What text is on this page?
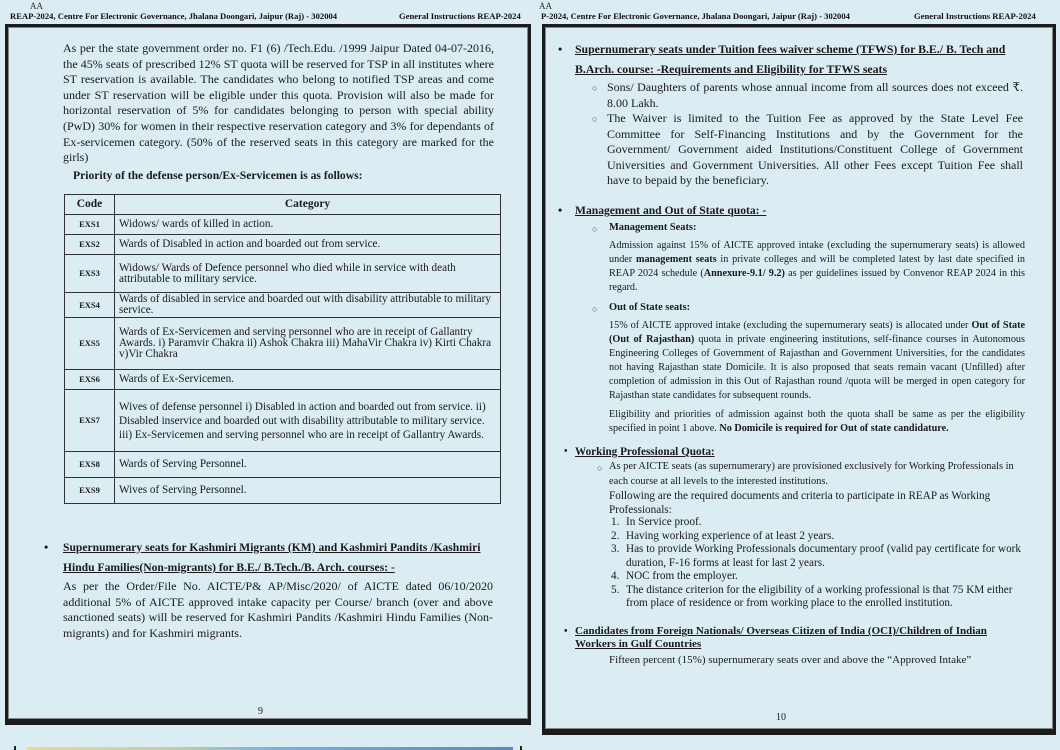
AA
REAP-2024, Centre For Electronic Governance, Jhalana Doongari, Jaipur (Raj) - 302004	General Instructions REAP-2024
As per the state government order no. F1 (6) /Tech.Edu. /1999 Jaipur Dated 04-07-2016, the 45% seats of prescribed 12% ST quota will be reserved for TSP in all institutes where ST reservation is available. The candidates who belong to notified TSP areas and come under ST reservation will be eligible under this quota. Provision will also be made for horizontal reservation of 5% for candidates belonging to person with special ability (PwD) 30% for women in their respective reservation category and 3% for dependants of Ex-servicemen category. (50% of the reserved seats in this category are marked for the girls)
Priority of the defense person/Ex-Servicemen is as follows:
Code	Category
EXS1	Widows/ wards of killed in action.
EXS2	Wards of Disabled in action and boarded out from service.
EXS3	Widows/ Wards of Defence personnel who died while in service with death attributable to military service.
EXS4	Wards of disabled in service and boarded out with disability attributable to military service.
EXS5	Wards of Ex-Servicemen and serving personnel who are in receipt of Gallantry Awards. i) Paramvir Chakra ii) Ashok Chakra iii) MahaVir Chakra iv) Kirti Chakra v)Vir Chakra
EXS6	Wards of Ex-Servicemen.
EXS7	Wives of defense personnel i) Disabled in action and boarded out from service. ii) Disabled inservice and boarded out with disability attributable to military service. iii) Ex-Servicemen and serving personnel who are in receipt of Gallantry Awards.
EXS8	Wards of Serving Personnel.
EXS9	Wives of Serving Personnel.
• Supernumerary seats for Kashmiri Migrants (KM) and Kashmiri Pandits /Kashmiri
Hindu Families(Non-migrants) for B.E./ B.Tech./B. Arch. courses: -
As per the Order/File No. AICTE/P& AP/Misc/2020/ of AICTE dated 06/10/2020 additional 5% of AICTE approved intake capacity per Course/ branch (over and above sanctioned seats) will be reserved for Kashmiri Pandits /Kashmiri Hindu Families (Non-migrants) and for Kashmiri migrants.
9
AA
P-2024, Centre For Electronic Governance, Jhalana Doongari, Jaipur (Raj) - 302004	General Instructions REAP-2024
• Supernumerary seats under Tuition fees waiver scheme (TFWS) for B.E./ B. Tech and
B.Arch. course: -Requirements and Eligibility for TFWS seats
○ Sons/ Daughters of parents whose annual income from all sources does not exceed ₹. 8.00 Lakh.
○ The Waiver is limited to the Tuition Fee as approved by the State Level Fee Committee for Self-Financing Institutions and by the Government for the Government/ Government aided Institutions/Constituent College of Government Universities and Government Universities. All other Fees except Tuition Fee shall have to bepaid by the beneficiary.
• Management and Out of State quota: -
○ Management Seats:
Admission against 15% of AICTE approved intake (excluding the supernumerary seats) is allowed under management seats in private colleges and will be completed latest by last date specified in REAP 2024 schedule (Annexure-9.1/ 9.2) as per guidelines issued by Convenor REAP 2024 in this regard.
○ Out of State seats:
15% of AICTE approved intake (excluding the supernumerary seats) is allocated under Out of State (Out of Rajasthan) quota in private engineering institutions, self-finance courses in Autonomous Engineering Colleges of Government of Rajasthan and Government Universities, for the candidates not having Rajasthan state Domicile. It is also proposed that seats remain vacant (Unfilled) after completion of admission in this Out of Rajasthan round /quota will be merged in open category for Rajasthan state candidates for subsequent rounds.
Eligibility and priorities of admission against both the quota shall be same as per the eligibility specified in point 1 above. No Domicile is required for Out of state candidature.
• Working Professional Quota:
○ As per AICTE seats (as supernumerary) are provisioned exclusively for Working Professionals in each course at all levels to the interested institutions.
Following are the required documents and criteria to participate in REAP as Working Professionals:
1. In Service proof.
2. Having working experience of at least 2 years.
3. Has to provide Working Professionals documentary proof (valid pay certificate for work duration, F-16 forms at least for last 2 years.
4. NOC from the employer.
5. The distance criterion for the eligibility of a working professional is that 75 KM either from place of residence or from working place to the enrolled institution.
• Candidates from Foreign Nationals/ Overseas Citizen of India (OCI)/Children of Indian
Workers in Gulf Countries
Fifteen percent (15%) supernumerary seats over and above the “Approved Intake”
10
